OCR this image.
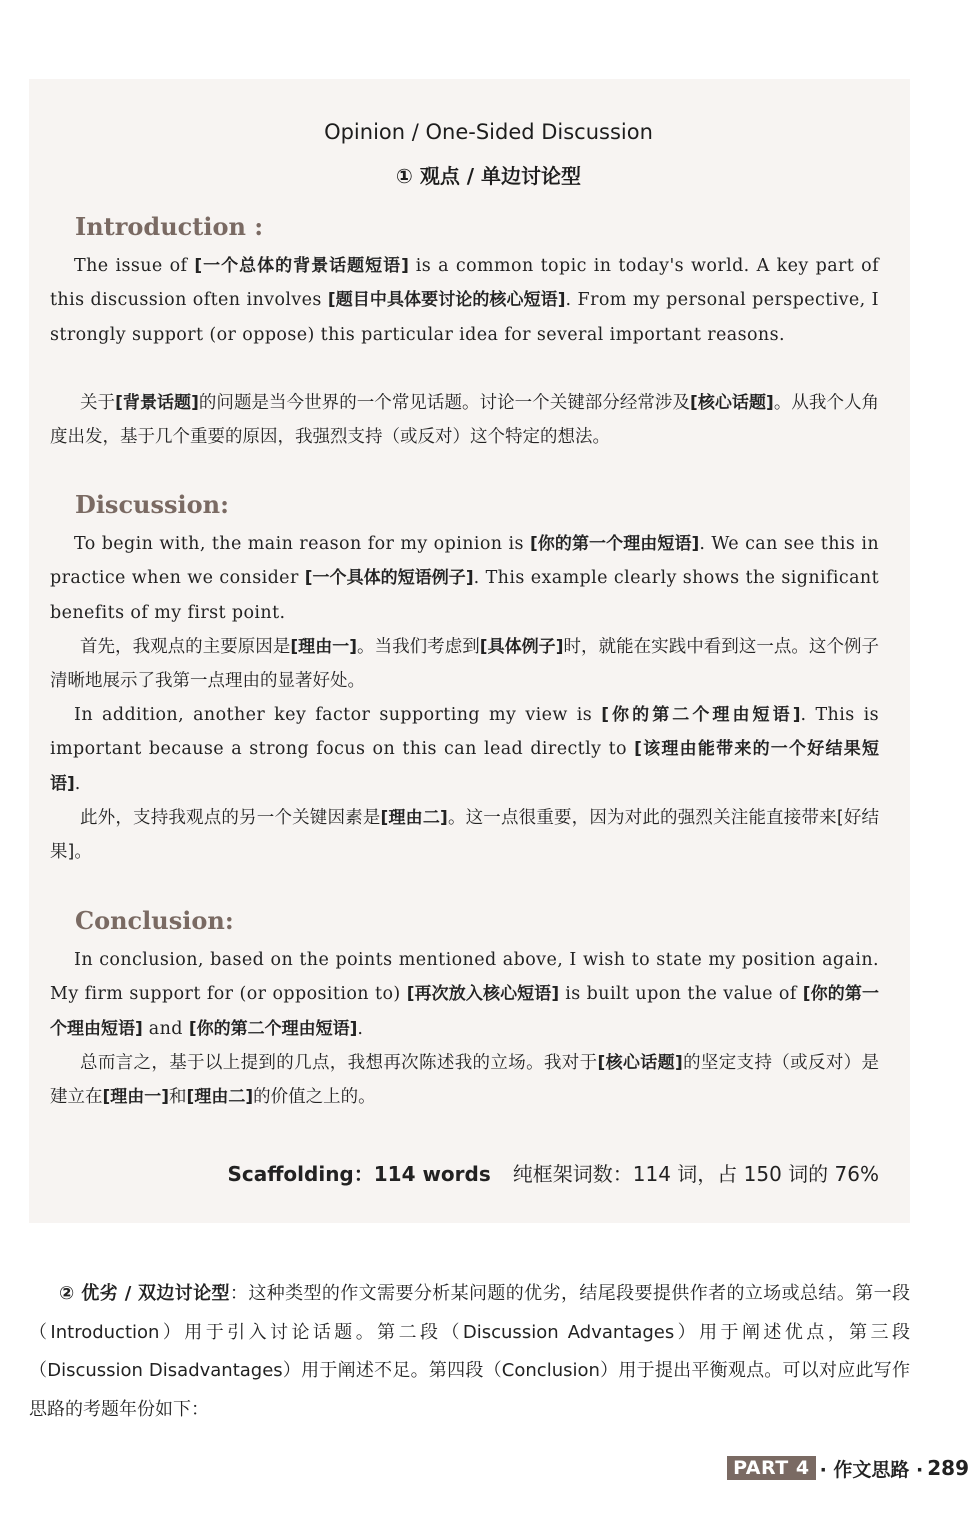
Opinion / One-Sided Discussion
① 观点 / 单边讨论型
Introduction :
The issue of [一个总体的背景话题短语] is a common topic in today's world. A key part of this discussion often involves [题目中具体要讨论的核心短语]. From my personal perspective, I strongly support (or oppose) this particular idea for several important reasons.
关于[背景话题]的问题是当今世界的一个常见话题。讨论一个关键部分经常涉及[核心话题]。从我个人角度出发，基于几个重要的原因，我强烈支持（或反对）这个特定的想法。
Discussion:
To begin with, the main reason for my opinion is [你的第一个理由短语]. We can see this in practice when we consider [一个具体的短语例子]. This example clearly shows the significant benefits of my first point.
首先，我观点的主要原因是[理由一]。当我们考虑到[具体例子]时，就能在实践中看到这一点。这个例子清晰地展示了我第一点理由的显著好处。
In addition, another key factor supporting my view is [你的第二个理由短语]. This is important because a strong focus on this can lead directly to [该理由能带来的一个好结果短语].
此外，支持我观点的另一个关键因素是[理由二]。这一点很重要，因为对此的强烈关注能直接带来[好结果]。
Conclusion:
In conclusion, based on the points mentioned above, I wish to state my position again. My firm support for (or opposition to) [再次放入核心短语] is built upon the value of [你的第一个理由短语] and [你的第二个理由短语].
总而言之，基于以上提到的几点，我想再次陈述我的立场。我对于[核心话题]的坚定支持（或反对）是建立在[理由一]和[理由二]的价值之上的。
Scaffolding：114 words 纯框架词数：114 词，占 150 词的 76%
② 优劣 / 双边讨论型：这种类型的作文需要分析某问题的优劣，结尾段要提供作者的立场或总结。第一段（Introduction）用于引入讨论话题。第二段（Discussion Advantages）用于阐述优点，第三段（Discussion Disadvantages）用于阐述不足。第四段（Conclusion）用于提出平衡观点。可以对应此写作思路的考题年份如下：
PART 4 · 作文思路 · 289
